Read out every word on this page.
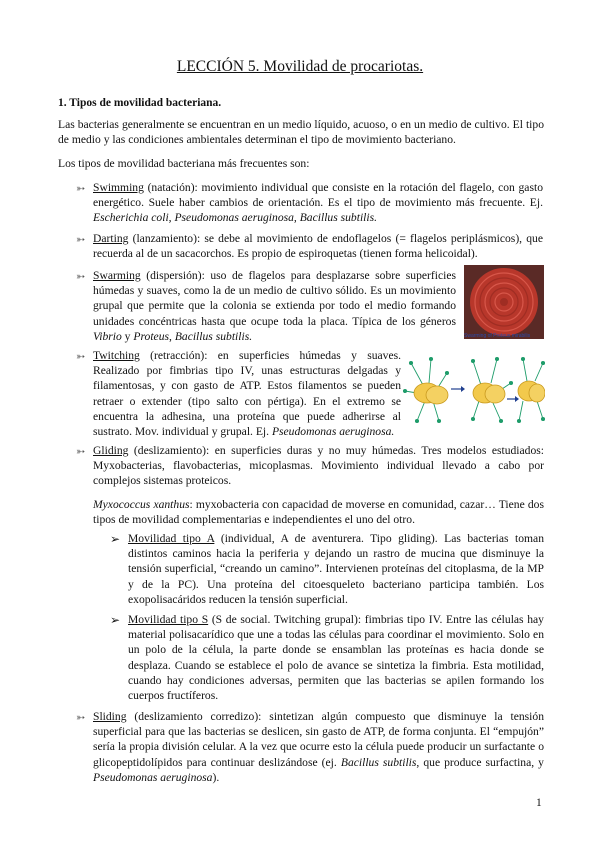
LECCIÓN 5. Movilidad de procariotas.
1. Tipos de movilidad bacteriana.
Las bacterias generalmente se encuentran en un medio líquido, acuoso, o en un medio de cultivo. El tipo de medio y las condiciones ambientales determinan el tipo de movimiento bacteriano.
Los tipos de movilidad bacteriana más frecuentes son:
➳ Swimming (natación): movimiento individual que consiste en la rotación del flagelo, con gasto energético. Suele haber cambios de orientación. Es el tipo de movimiento más frecuente. Ej. Escherichia coli, Pseudomonas aeruginosa, Bacillus subtilis.
➳ Darting (lanzamiento): se debe al movimiento de endoflagelos (= flagelos periplásmicos), que recuerda al de un sacacorchos. Es propio de espiroquetas (tienen forma helicoidal).
➳ Swarming (dispersión): uso de flagelos para desplazarse sobre superficies húmedas y suaves, como la de un medio de cultivo sólido. Es un movimiento grupal que permite que la colonia se extienda por todo el medio formando unidades concéntricas hasta que ocupe toda la placa. Típica de los géneros Vibrio y Proteus, Bacillus subtilis.	Swarming of Proteus mirabilis
➳ Twitching (retracción): en superficies húmedas y suaves. Realizado por fimbrias tipo IV, unas estructuras delgadas y filamentosas, y con gasto de ATP. Estos filamentos se pueden retraer o extender (tipo salto con pértiga). En el extremo se encuentra la adhesina, una proteína que puede adherirse al sustrato. Mov. individual y grupal. Ej. Pseudomonas aeruginosa.
➳ Gliding (deslizamiento): en superficies duras y no muy húmedas. Tres modelos estudiados: Myxobacterias, flavobacterias, micoplasmas. Movimiento individual llevado a cabo por complejos sistemas proteicos.
Myxococcus xanthus: myxobacteria con capacidad de moverse en comunidad, cazar… Tiene dos tipos de movilidad complementarias e independientes el uno del otro.
➢ Movilidad tipo A (individual, A de aventurera. Tipo gliding). Las bacterias toman distintos caminos hacia la periferia y dejando un rastro de mucina que disminuye la tensión superficial, “creando un camino”. Intervienen proteínas del citoplasma, de la MP y de la PC). Una proteína del citoesqueleto bacteriano participa también. Los exopolisacáridos reducen la tensión superficial.
➢ Movilidad tipo S (S de social. Twitching grupal): fimbrias tipo IV. Entre las células hay material polisacarídico que une a todas las células para coordinar el movimiento. Solo en un polo de la célula, la parte donde se ensamblan las proteínas es hacia donde se desplaza. Cuando se establece el polo de avance se sintetiza la fimbria. Esta motilidad, cuando hay condiciones adversas, permiten que las bacterias se apilen formando los cuerpos fructíferos.
➳ Sliding (deslizamiento corredizo): sintetizan algún compuesto que disminuye la tensión superficial para que las bacterias se deslicen, sin gasto de ATP, de forma conjunta. El “empujón” sería la propia división celular. A la vez que ocurre esto la célula puede producir un surfactante o glicopeptidolípidos para continuar deslizándose (ej. Bacillus subtilis, que produce surfactina, y Pseudomonas aeruginosa).
1
